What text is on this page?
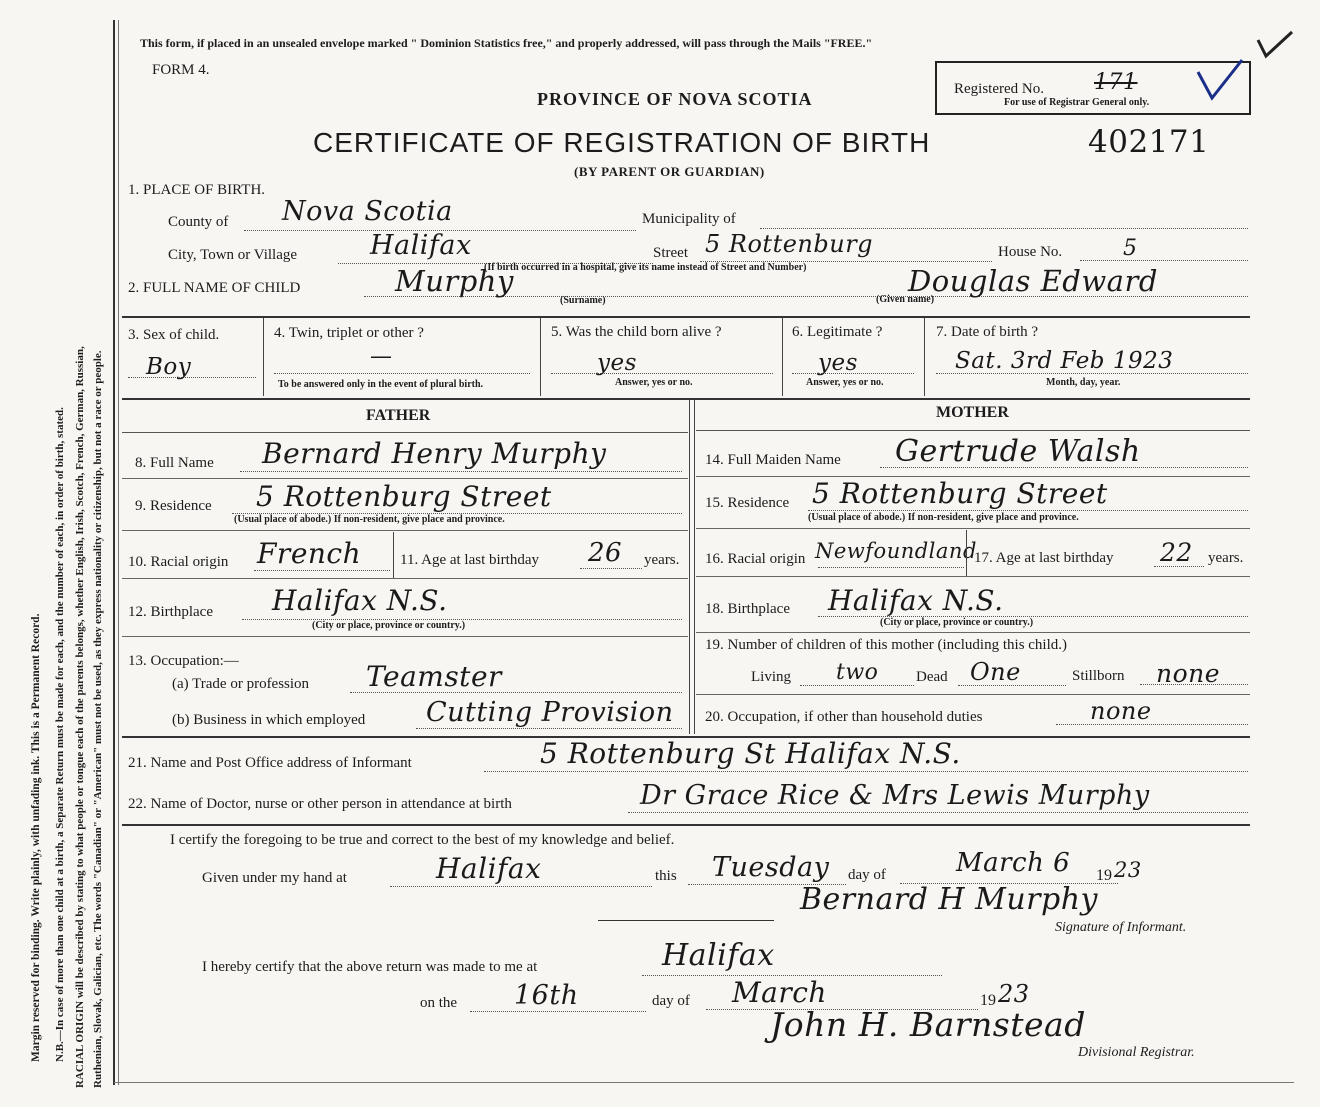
Margin reserved for binding. Write plainly, with unfading ink. This is a Permanent Record. N.B.—In case of more than one child at a birth, a Separate Return must be made for each, and the number of each, in order of birth, stated. RACIAL ORIGIN will be described by stating to what people or tongue each of the parents belongs, whether English, Irish, Scotch, French, German, Russian, Ruthenian, Slovak, Galician, etc. The words "Canadian" or "American" must not be used, as they express nationality or citizenship, but not a race or people.
This form, if placed in an unsealed envelope marked " Dominion Statistics free," and properly addressed, will pass through the Mails "FREE."
FORM 4.
PROVINCE OF NOVA SCOTIA
CERTIFICATE OF REGISTRATION OF BIRTH	402171
(BY PARENT OR GUARDIAN)
Registered No. 171
For use of Registrar General only.
1. PLACE OF BIRTH.
County of Nova Scotia	Municipality of
City, Town or Village	Halifax	Street 5 Rottenburg	House No.	5
(If birth occurred in a hospital, give its name instead of Street and Number)
2. FULL NAME OF CHILD	Murphy
(Surname)
Douglas Edward
(Given name)
3. Sex of child.
Boy
4. Twin, triplet or other ?
—
To be answered only in the event of plural birth.
5. Was the child born alive ?
yes
Answer, yes or no.
6. Legitimate ?
yes
Answer, yes or no.
7. Date of birth ?
Sat. 3rd Feb 1923
Month, day, year.
FATHER	MOTHER
8. Full Name Bernard Henry Murphy
9. Residence 5 Rottenburg Street
(Usual place of abode.) If non-resident, give place and province.
10. Racial origin French	11. Age at last birthday 26 years.
12. Birthplace Halifax N.S.
(City or place, province or country.)
13. Occupation:—
(a) Trade or profession Teamster
(b) Business in which employed Cutting Provision
14. Full Maiden Name Gertrude Walsh
15. Residence 5 Rottenburg Street
(Usual place of abode.) If non-resident, give place and province.
16. Racial origin Newfoundland
17. Age at last birthday 22 years.
18. Birthplace Halifax N.S.
(City or place, province or country.)
19. Number of children of this mother (including this child.)
Living two	Dead One	Stillborn none
20. Occupation, if other than household duties	none
21. Name and Post Office address of Informant	5 Rottenburg St Halifax N.S.
22. Name of Doctor, nurse or other person in attendance at birth	Dr Grace Rice & Mrs Lewis Murphy
I certify the foregoing to be true and correct to the best of my knowledge and belief.
Given under my hand at	Halifax	this Tuesday day of	March 6 19 23
Bernard H Murphy
Signature of Informant.
I hereby certify that the above return was made to me at	Halifax
on the 16th	day of March	19 23
John H. Barnstead
Divisional Registrar.
